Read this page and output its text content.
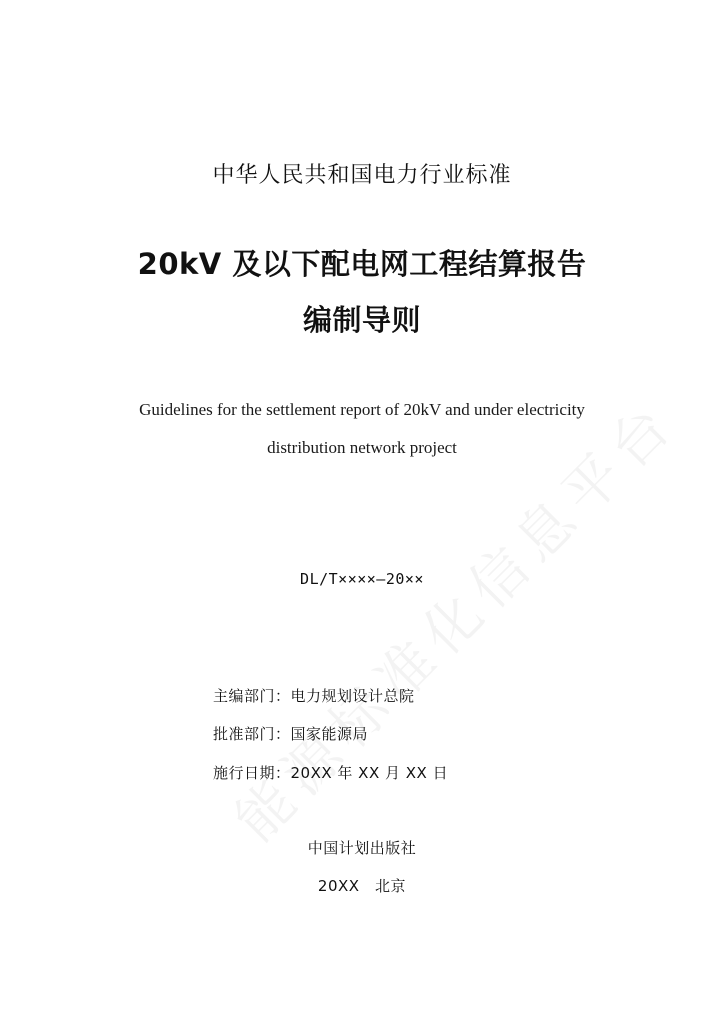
中华人民共和国电力行业标准
20kV 及以下配电网工程结算报告
编制导则
Guidelines for the settlement report of 20kV and under electricity
distribution network project
DL/T××××—20××
主编部门：电力规划设计总院
批准部门：国家能源局
施行日期：20XX 年 XX 月 XX 日
中国计划出版社
20XX　北京
